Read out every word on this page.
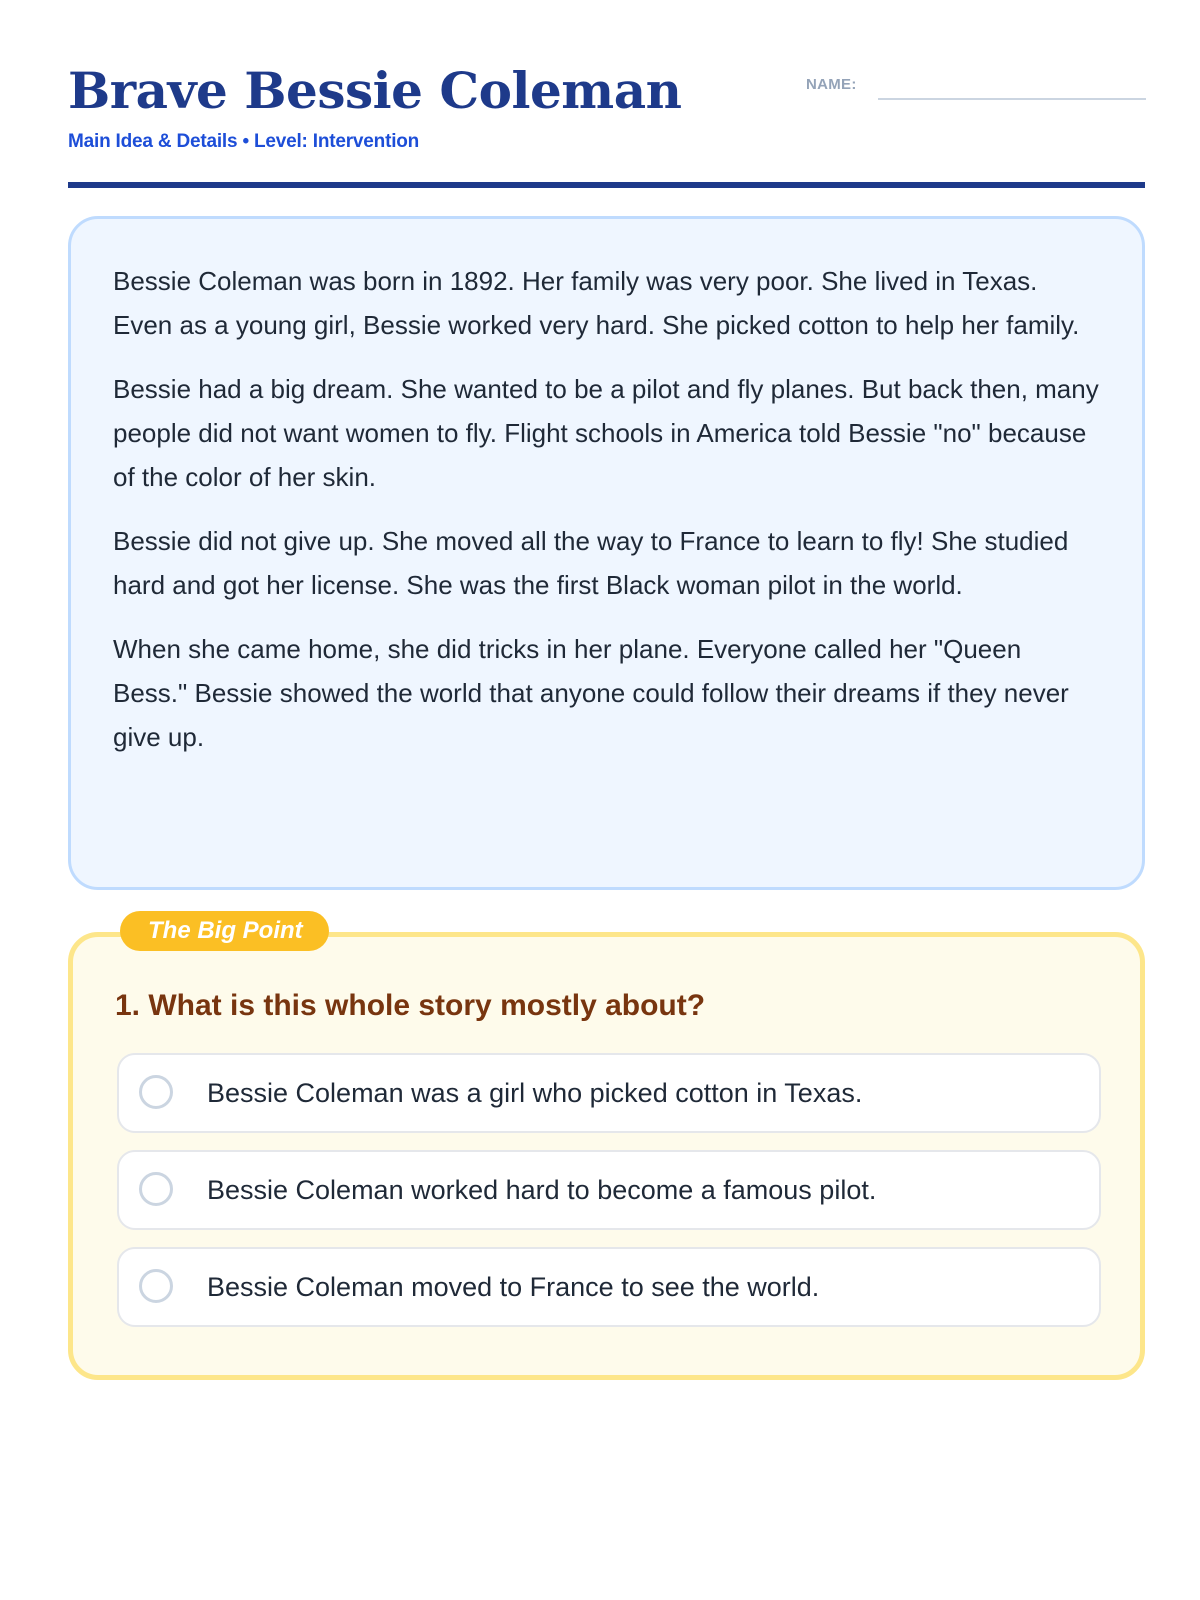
Brave Bessie Coleman
Main Idea & Details • Level: Intervention
NAME:

Bessie Coleman was born in 1892. Her family was very poor. She lived in Texas. Even as a young girl, Bessie worked very hard. She picked cotton to help her family.

Bessie had a big dream. She wanted to be a pilot and fly planes. But back then, many people did not want women to fly. Flight schools in America told Bessie "no" because of the color of her skin.

Bessie did not give up. She moved all the way to France to learn to fly! She studied hard and got her license. She was the first Black woman pilot in the world.

When she came home, she did tricks in her plane. Everyone called her "Queen Bess." Bessie showed the world that anyone could follow their dreams if they never give up.

The Big Point
1. What is this whole story mostly about?
Bessie Coleman was a girl who picked cotton in Texas.
Bessie Coleman worked hard to become a famous pilot.
Bessie Coleman moved to France to see the world.
